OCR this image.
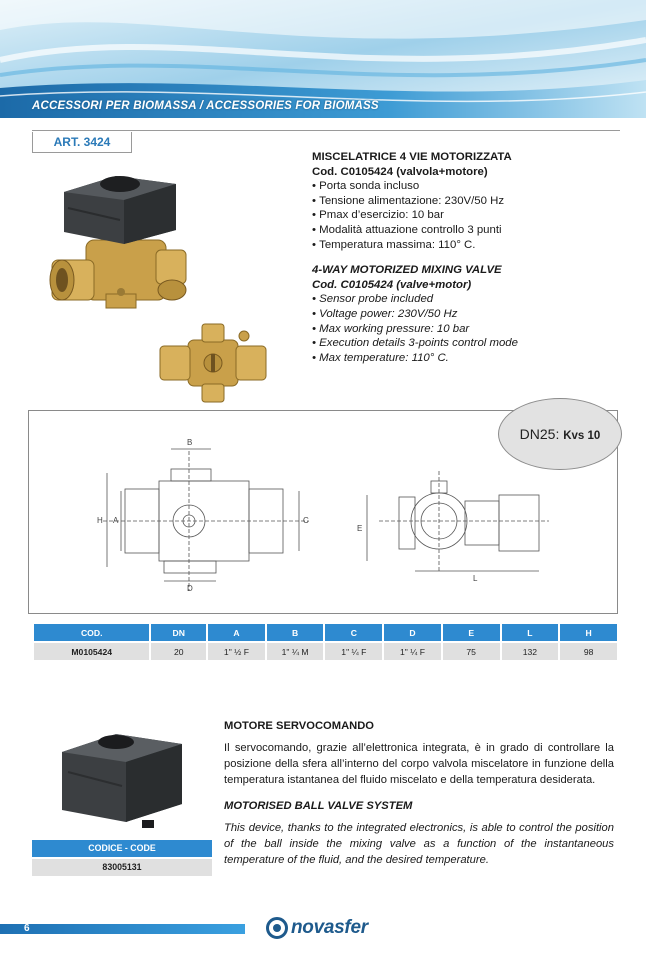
ACCESSORI PER BIOMASSA / ACCESSORIES FOR BIOMASS
ART. 3424
MISCELATRICE 4 VIE MOTORIZZATA
Cod. C0105424 (valvola+motore)
• Porta sonda incluso
• Tensione alimentazione: 230V/50 Hz
• Pmax d’esercizio: 10 bar
• Modalità attuazione controllo 3 punti
• Temperatura massima: 110° C.
4-WAY MOTORIZED MIXING VALVE
Cod. C0105424 (valve+motor)
• Sensor probe included
• Voltage power: 230V/50 Hz
• Max working pressure: 10 bar
• Execution details 3-points control mode
• Max temperature: 110° C.
B
H A	C
D
E
L
DN25: Kvs 10
COD.	DN	A	B	C	D	E	L	H
M0105424	20	1" ½ F	1" ¼ M	1" ¼ F	1" ¼ F	75	132	98
MOTORE SERVOCOMANDO

Il servocomando, grazie all’elettronica integrata, è in grado di controllare la posizione della sfera all’interno del corpo valvola miscelatore in funzione della temperatura istantanea del fluido miscelato e della temperatura desiderata.

MOTORISED BALL VALVE SYSTEM

This device, thanks to the integrated electronics, is able to control the position of the ball inside the mixing valve as a function of the instantaneous temperature of the fluid, and the desired temperature.

CODICE - CODE
83005131
6	novasfer
